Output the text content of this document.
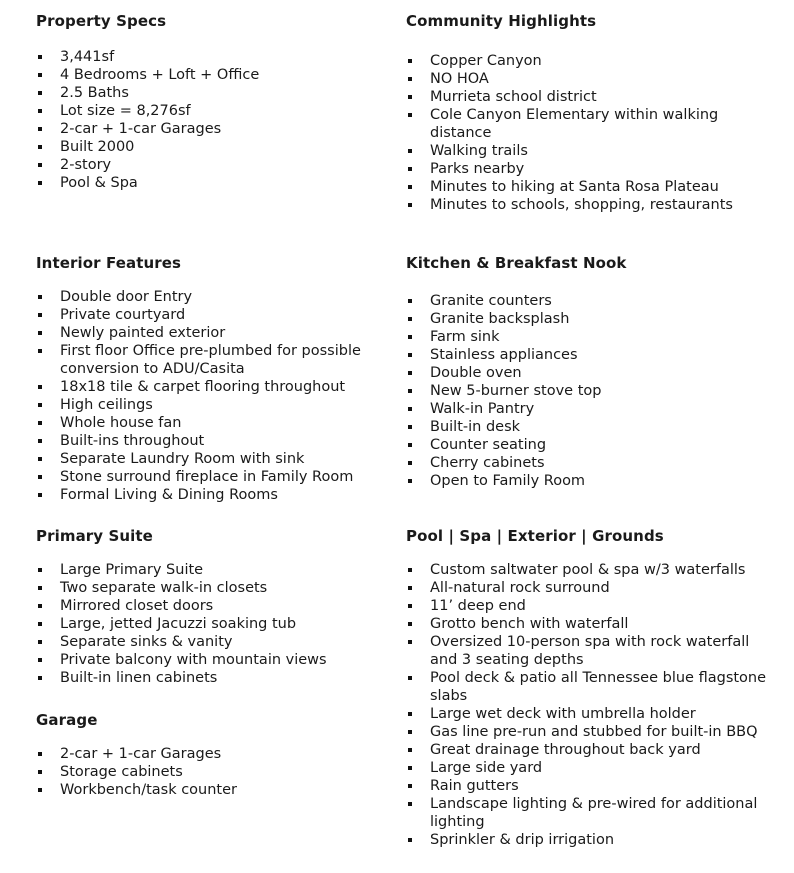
Property Specs
3,441sf
4 Bedrooms + Loft + Office
2.5 Baths
Lot size = 8,276sf
2-car + 1-car Garages
Built 2000
2-story
Pool & Spa
Interior Features
Double door Entry
Private courtyard
Newly painted exterior
First floor Office pre-plumbed for possible conversion to ADU/Casita
18x18 tile & carpet flooring throughout
High ceilings
Whole house fan
Built-ins throughout
Separate Laundry Room with sink
Stone surround fireplace in Family Room
Formal Living & Dining Rooms
Primary Suite
Large Primary Suite
Two separate walk-in closets
Mirrored closet doors
Large, jetted Jacuzzi soaking tub
Separate sinks & vanity
Private balcony with mountain views
Built-in linen cabinets
Garage
2-car + 1-car Garages
Storage cabinets
Workbench/task counter
Community Highlights
Copper Canyon
NO HOA
Murrieta school district
Cole Canyon Elementary within walking distance
Walking trails
Parks nearby
Minutes to hiking at Santa Rosa Plateau
Minutes to schools, shopping, restaurants
Kitchen & Breakfast Nook
Granite counters
Granite backsplash
Farm sink
Stainless appliances
Double oven
New 5-burner stove top
Walk-in Pantry
Built-in desk
Counter seating
Cherry cabinets
Open to Family Room
Pool | Spa | Exterior | Grounds
Custom saltwater pool & spa w/3 waterfalls
All-natural rock surround
11’ deep end
Grotto bench with waterfall
Oversized 10-person spa with rock waterfall and 3 seating depths
Pool deck & patio all Tennessee blue flagstone slabs
Large wet deck with umbrella holder
Gas line pre-run and stubbed for built-in BBQ
Great drainage throughout back yard
Large side yard
Rain gutters
Landscape lighting & pre-wired for additional lighting
Sprinkler & drip irrigation
